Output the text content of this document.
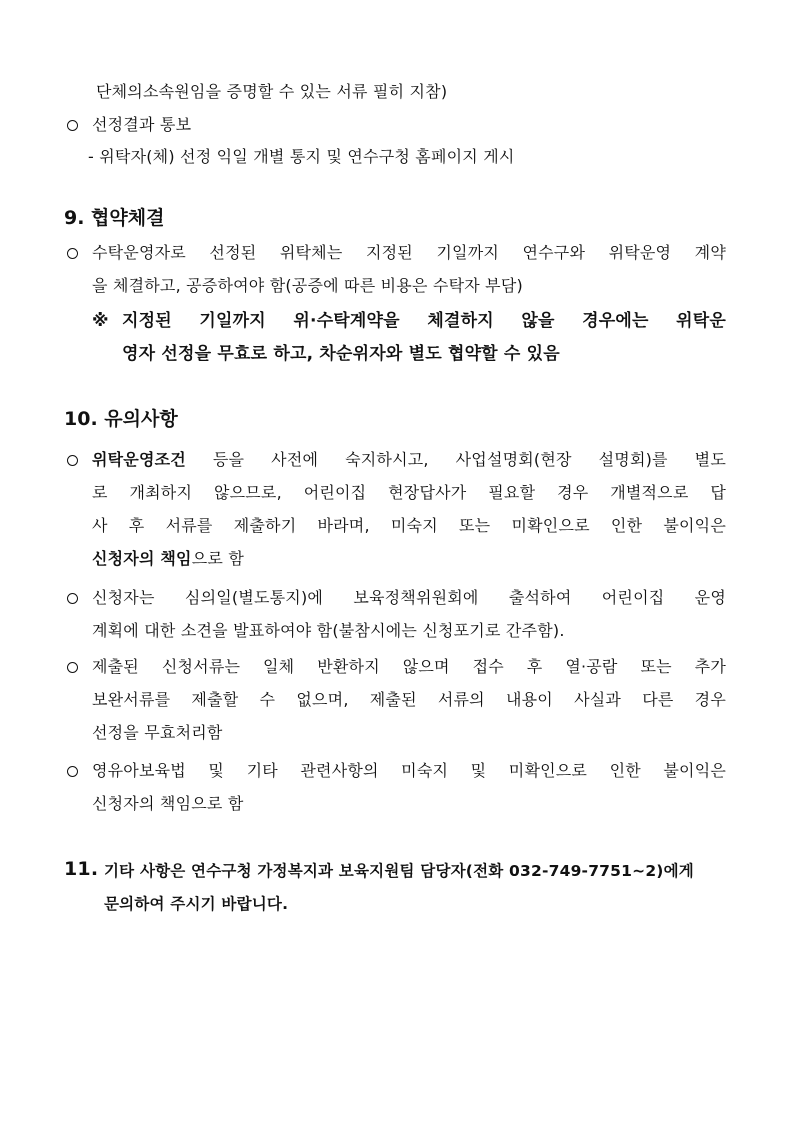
단체의소속원임을 증명할 수 있는 서류 필히 지참)
선정결과 통보
- 위탁자(체) 선정 익일 개별 통지 및 연수구청 홈페이지 게시
9. 협약체결
수탁운영자로 선정된 위탁체는 지정된 기일까지 연수구와 위탁운영 계약
을 체결하고, 공증하여야 함(공증에 따른 비용은 수탁자 부담)
※ 지정된 기일까지 위·수탁계약을 체결하지 않을 경우에는 위탁운
영자 선정을 무효로 하고, 차순위자와 별도 협약할 수 있음
10. 유의사항
위탁운영조건 등을 사전에 숙지하시고, 사업설명회(현장 설명회)를 별도
로 개최하지 않으므로, 어린이집 현장답사가 필요할 경우 개별적으로 답
사 후 서류를 제출하기 바라며, 미숙지 또는 미확인으로 인한 불이익은
신청자의 책임으로 함
신청자는 심의일(별도통지)에 보육정책위원회에 출석하여 어린이집 운영
계획에 대한 소견을 발표하여야 함(불참시에는 신청포기로 간주함).
제출된 신청서류는 일체 반환하지 않으며 접수 후 열·공람 또는 추가
보완서류를 제출할 수 없으며, 제출된 서류의 내용이 사실과 다른 경우
선정을 무효처리함
영유아보육법 및 기타 관련사항의 미숙지 및 미확인으로 인한 불이익은
신청자의 책임으로 함
11. 기타 사항은 연수구청 가정복지과 보육지원팀 담당자(전화 032-749-7751~2)에게
문의하여 주시기 바랍니다.
